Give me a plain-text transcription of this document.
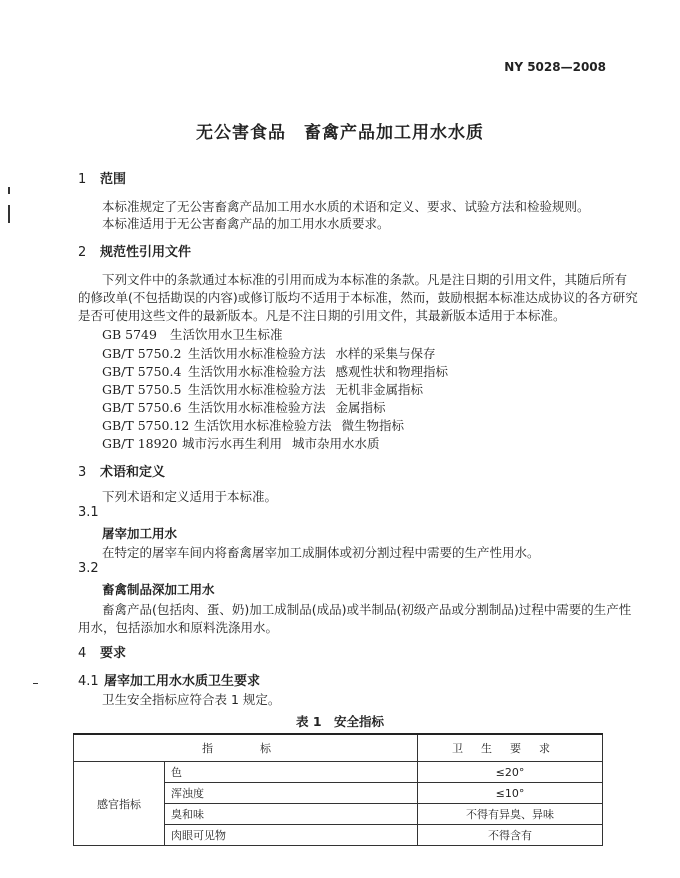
NY 5028—2008
无公害食品　畜禽产品加工用水水质
1 范围
本标准规定了无公害畜禽产品加工用水水质的术语和定义、要求、试验方法和检验规则。
本标准适用于无公害畜禽产品的加工用水水质要求。
2 规范性引用文件
下列文件中的条款通过本标准的引用而成为本标准的条款。凡是注日期的引用文件，其随后所有
的修改单(不包括勘误的内容)或修订版均不适用于本标准，然而，鼓励根据本标准达成协议的各方研究
是否可使用这些文件的最新版本。凡是不注日期的引用文件，其最新版本适用于本标准。
GB 5749 生活饮用水卫生标准
GB/T 5750.2 生活饮用水标准检验方法 水样的采集与保存
GB/T 5750.4 生活饮用水标准检验方法 感观性状和物理指标
GB/T 5750.5 生活饮用水标准检验方法 无机非金属指标
GB/T 5750.6 生活饮用水标准检验方法 金属指标
GB/T 5750.12 生活饮用水标准检验方法 微生物指标
GB/T 18920 城市污水再生利用 城市杂用水水质
3 术语和定义
下列术语和定义适用于本标准。
3.1
屠宰加工用水
在特定的屠宰车间内将畜禽屠宰加工成胴体或初分割过程中需要的生产性用水。
3.2
畜禽制品深加工用水
畜禽产品(包括肉、蛋、奶)加工成制品(成品)或半制品(初级产品或分割制品)过程中需要的生产性
用水，包括添加水和原料洗涤用水。
4 要求
4.1 屠宰加工用水水质卫生要求
卫生安全指标应符合表 1 规定。
表 1　安全指标
指　标		卫生要求
感官指标	色	≤20°
	浑浊度	≤10°
	臭和味	不得有异臭、异味
	肉眼可见物	不得含有
